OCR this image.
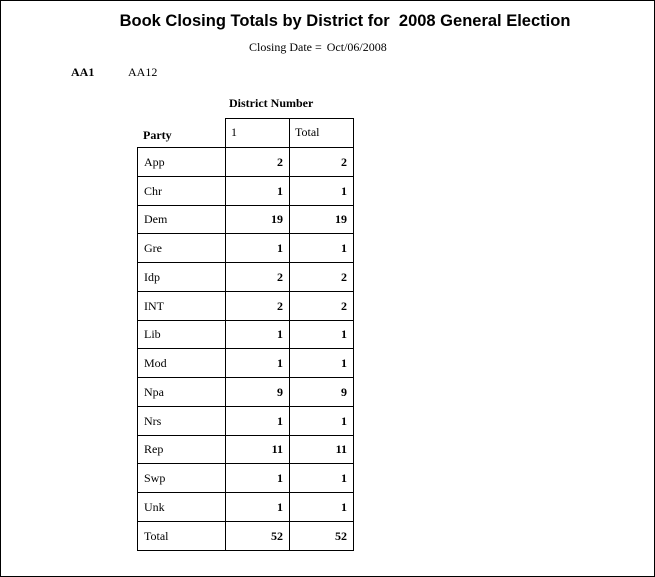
Book Closing Totals by District for  2008 General Election
Closing Date = Oct/06/2008
AA1	AA12
District Number
Party	1	Total
App	2	2
Chr	1	1
Dem	19	19
Gre	1	1
Idp	2	2
INT	2	2
Lib	1	1
Mod	1	1
Npa	9	9
Nrs	1	1
Rep	11	11
Swp	1	1
Unk	1	1
Total	52	52
